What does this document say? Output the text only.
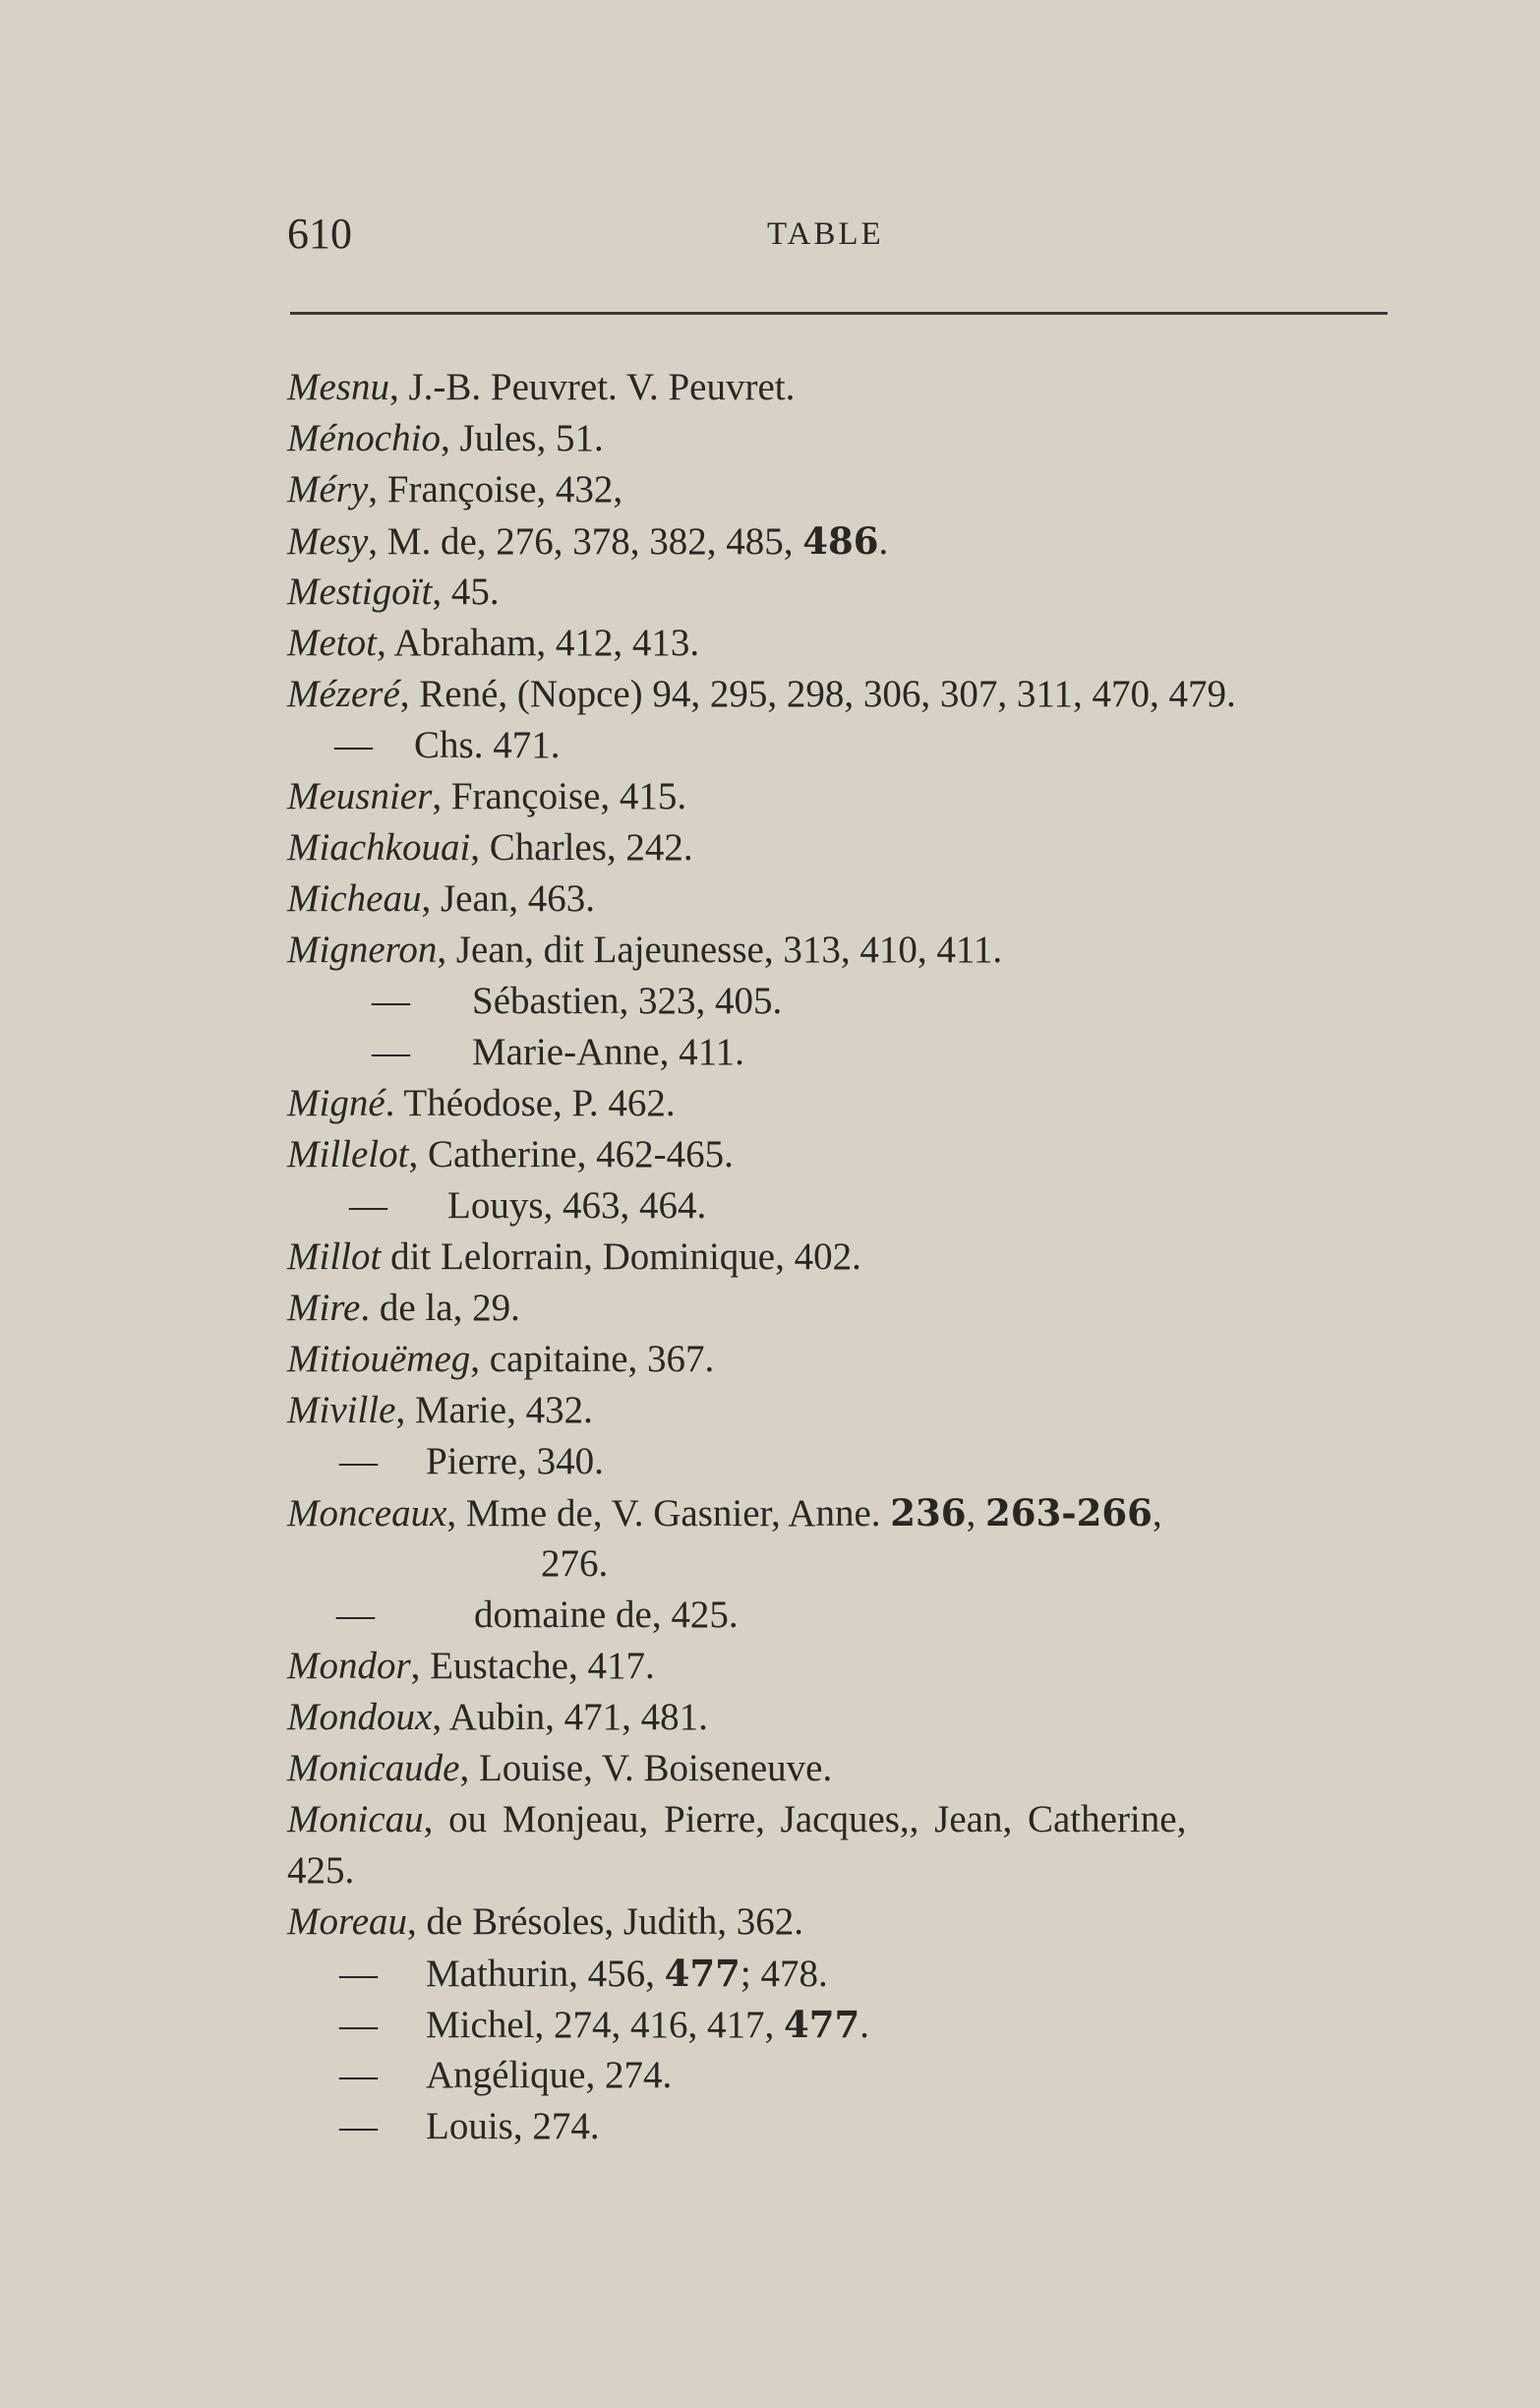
610	TABLE
Mesnu, J.-B. Peuvret. V. Peuvret.
Ménochio, Jules, 51.
Méry, Françoise, 432,
Mesy, M. de, 276, 378, 382, 485, 486.
Mestigoït, 45.
Metot, Abraham, 412, 413.
Mézeré, René, (Nopce) 94, 295, 298, 306, 307, 311, 470, 479.
— Chs. 471.
Meusnier, Françoise, 415.
Miachkouai, Charles, 242.
Micheau, Jean, 463.
Migneron, Jean, dit Lajeunesse, 313, 410, 411.
— Sébastien, 323, 405.
— Marie-Anne, 411.
Migné. Théodose, P. 462.
Millelot, Catherine, 462-465.
— Louys, 463, 464.
Millot dit Lelorrain, Dominique, 402.
Mire. de la, 29.
Mitiouëmeg, capitaine, 367.
Miville, Marie, 432.
— Pierre, 340.
Monceaux, Mme de, V. Gasnier, Anne. 236, 263-266,
276.
—	domaine de, 425.
Mondor, Eustache, 417.
Mondoux, Aubin, 471, 481.
Monicaude, Louise, V. Boiseneuve.
Monicau, ou Monjeau, Pierre, Jacques,, Jean, Catherine,
425.
Moreau, de Brésoles, Judith, 362.
— Mathurin, 456, 477; 478.
— Michel, 274, 416, 417, 477.
— Angélique, 274.
— Louis, 274.
